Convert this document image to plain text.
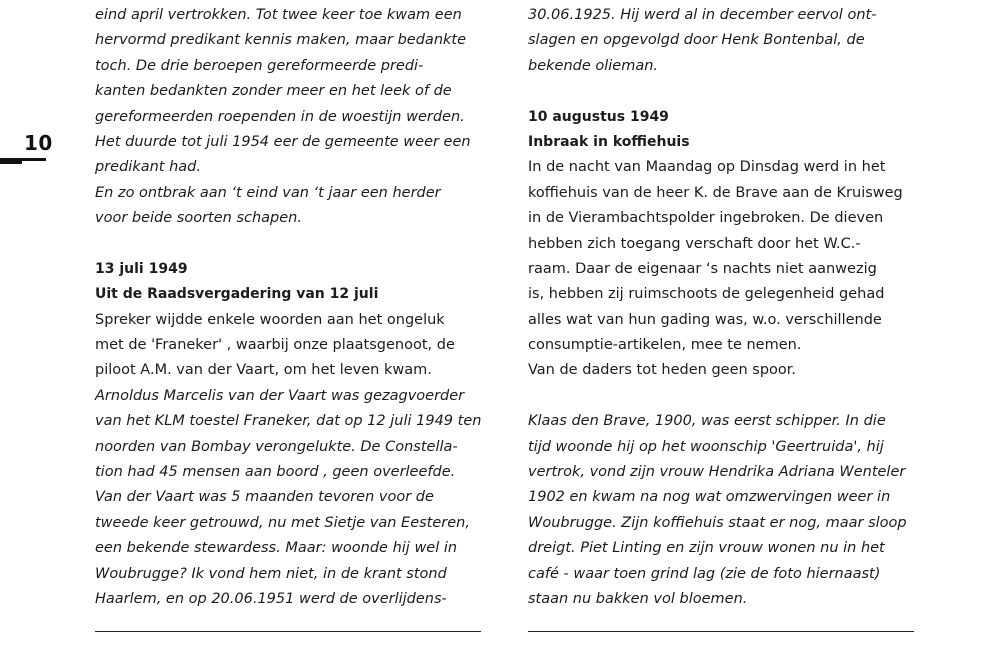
10
eind april vertrokken. Tot twee keer toe kwam een
hervormd predikant kennis maken, maar bedankte
toch. De drie beroepen gereformeerde predi-
kanten bedankten zonder meer en het leek of de
gereformeerden roependen in de woestijn werden.
Het duurde tot juli 1954 eer de gemeente weer een
predikant had.
En zo ontbrak aan ‘t eind van ‘t jaar een herder
voor beide soorten schapen.
13 juli 1949
Uit de Raadsvergadering van 12 juli
Spreker wijdde enkele woorden aan het ongeluk
met de 'Franeker' , waarbij onze plaatsgenoot, de
piloot A.M. van der Vaart, om het leven kwam.
Arnoldus Marcelis van der Vaart was gezagvoerder
van het KLM toestel Franeker, dat op 12 juli 1949 ten
noorden van Bombay verongelukte. De Constella-
tion had 45 mensen aan boord , geen overleefde.
Van der Vaart was 5 maanden tevoren voor de
tweede keer getrouwd, nu met Sietje van Eesteren,
een bekende stewardess. Maar: woonde hij wel in
Woubrugge? Ik vond hem niet, in de krant stond
Haarlem, en op 20.06.1951 werd de overlijdens-
30.06.1925. Hij werd al in december eervol ont-
slagen en opgevolgd door Henk Bontenbal, de
bekende olieman.
10 augustus 1949
Inbraak in koffiehuis
In de nacht van Maandag op Dinsdag werd in het
koffiehuis van de heer K. de Brave aan de Kruisweg
in de Vierambachtspolder ingebroken. De dieven
hebben zich toegang verschaft door het W.C.-
raam. Daar de eigenaar ‘s nachts niet aanwezig
is, hebben zij ruimschoots de gelegenheid gehad
alles wat van hun gading was, w.o. verschillende
consumptie-artikelen, mee te nemen.
Van de daders tot heden geen spoor.
Klaas den Brave, 1900, was eerst schipper. In die
tijd woonde hij op het woonschip 'Geertruida', hij
vertrok, vond zijn vrouw Hendrika Adriana Wenteler
1902 en kwam na nog wat omzwervingen weer in
Woubrugge. Zijn koffiehuis staat er nog, maar sloop
dreigt. Piet Linting en zijn vrouw wonen nu in het
café - waar toen grind lag (zie de foto hiernaast)
staan nu bakken vol bloemen.
